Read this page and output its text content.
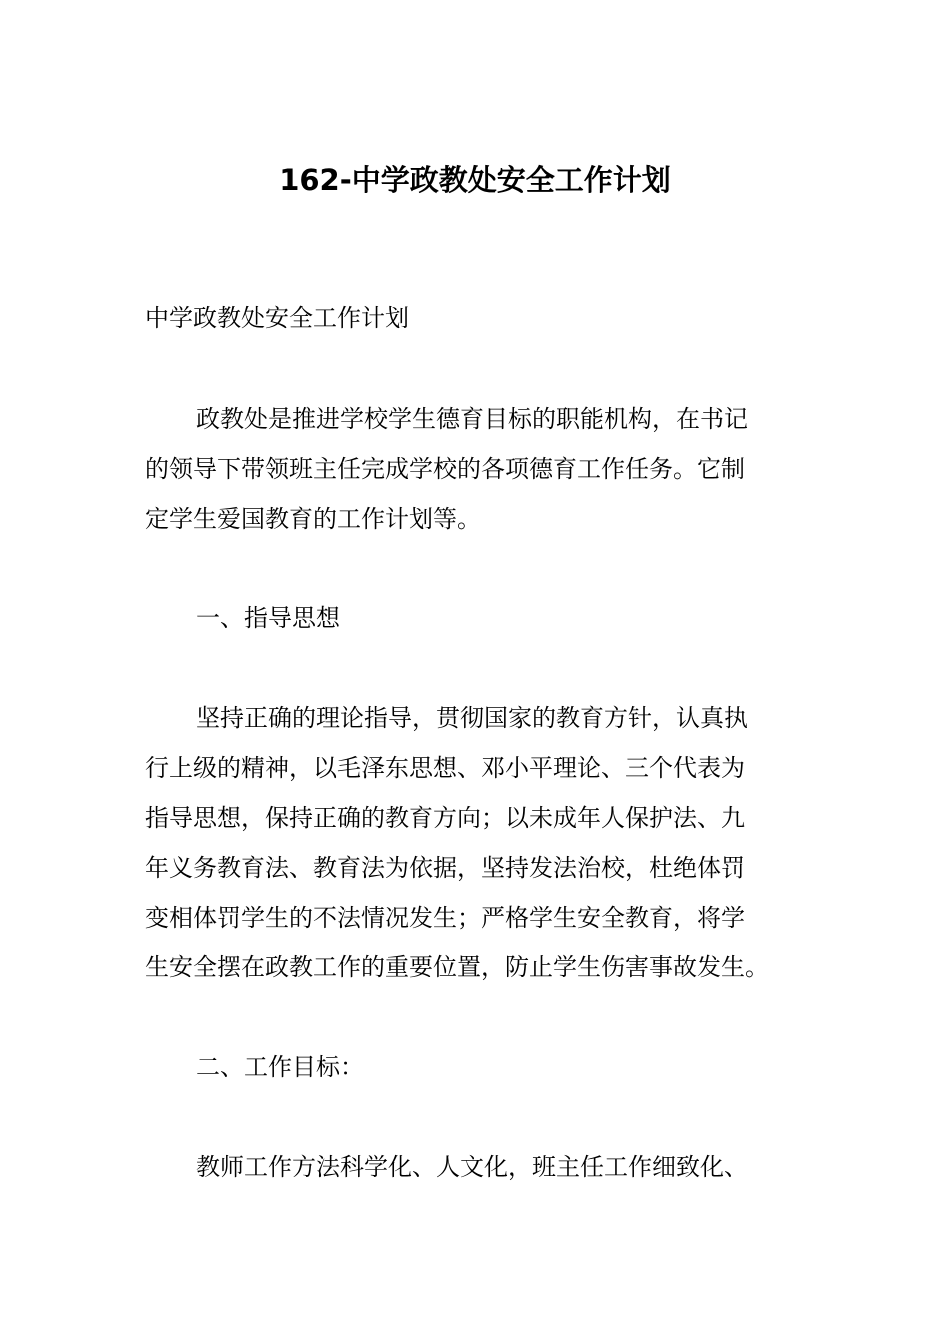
162-中学政教处安全工作计划

中学政教处安全工作计划

政教处是推进学校学生德育目标的职能机构，在书记

的领导下带领班主任完成学校的各项德育工作任务。它制

定学生爱国教育的工作计划等。

一、指导思想

坚持正确的理论指导，贯彻国家的教育方针，认真执

行上级的精神，以毛泽东思想、邓小平理论、三个代表为

指导思想，保持正确的教育方向；以未成年人保护法、九

年义务教育法、教育法为依据，坚持发法治校，杜绝体罚

变相体罚学生的不法情况发生；严格学生安全教育，将学

生安全摆在政教工作的重要位置，防止学生伤害事故发生。

二、工作目标：

教师工作方法科学化、人文化，班主任工作细致化、
